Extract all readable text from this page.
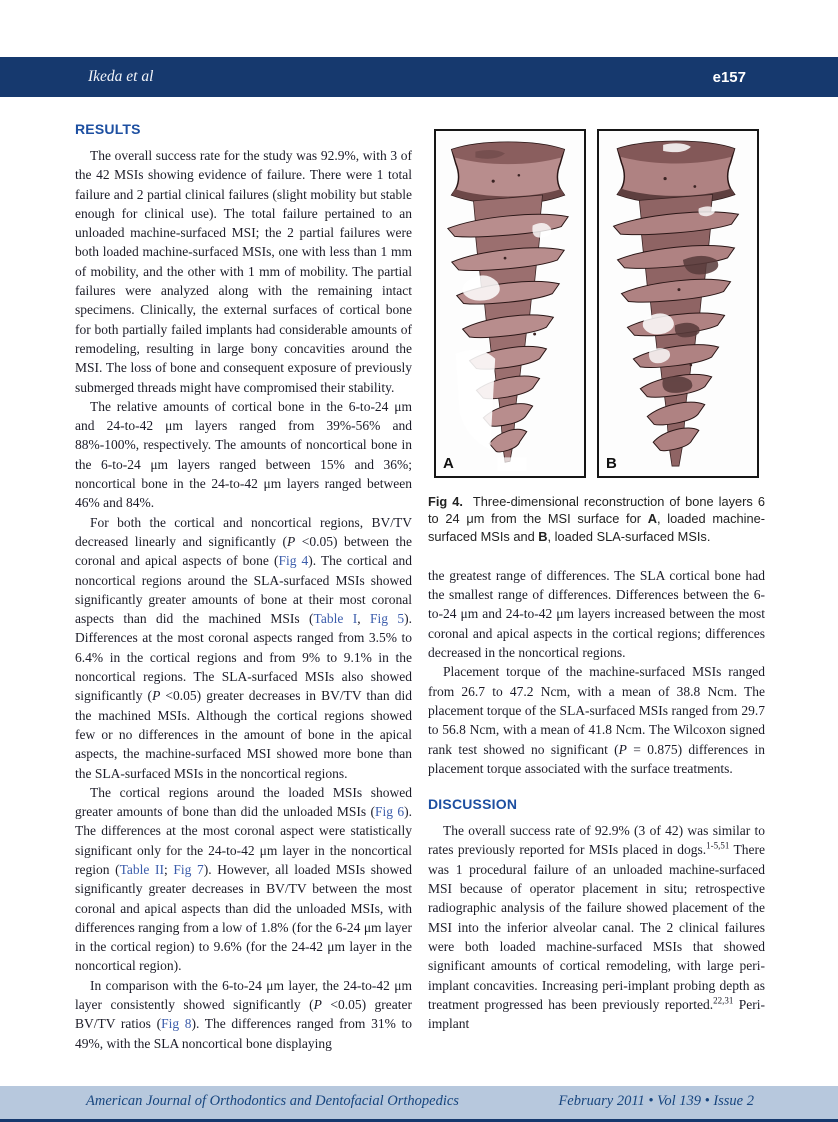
Ikeda et al	e157
RESULTS

The overall success rate for the study was 92.9%, with 3 of the 42 MSIs showing evidence of failure. There were 1 total failure and 2 partial clinical failures (slight mobility but stable enough for clinical use). The total failure pertained to an unloaded machine-surfaced MSI; the 2 partial failures were both loaded machine-surfaced MSIs, one with less than 1 mm of mobility, and the other with 1 mm of mobility. The partial failures were analyzed along with the remaining intact specimens. Clinically, the external surfaces of cortical bone for both partially failed implants had considerable amounts of remodeling, resulting in large bony concavities around the MSI. The loss of bone and consequent exposure of previously submerged threads might have compromised their stability.

The relative amounts of cortical bone in the 6-to-24 μm and 24-to-42 μm layers ranged from 39%-56% and 88%-100%, respectively. The amounts of noncortical bone in the 6-to-24 μm layers ranged between 15% and 36%; noncortical bone in the 24-to-42 μm layers ranged between 46% and 84%.

For both the cortical and noncortical regions, BV/TV decreased linearly and significantly (P <0.05) between the coronal and apical aspects of bone (Fig 4). The cortical and noncortical regions around the SLA-surfaced MSIs showed significantly greater amounts of bone at their most coronal aspects than did the machined MSIs (Table I, Fig 5). Differences at the most coronal aspects ranged from 3.5% to 6.4% in the cortical regions and from 9% to 9.1% in the noncortical regions. The SLA-surfaced MSIs also showed significantly (P <0.05) greater decreases in BV/TV than did the machined MSIs. Although the cortical regions showed few or no differences in the amount of bone in the apical aspects, the machine-surfaced MSI showed more bone than the SLA-surfaced MSIs in the noncortical regions.

The cortical regions around the loaded MSIs showed greater amounts of bone than did the unloaded MSIs (Fig 6). The differences at the most coronal aspect were statistically significant only for the 24-to-42 μm layer in the noncortical region (Table II; Fig 7). However, all loaded MSIs showed significantly greater decreases in BV/TV between the most coronal and apical aspects than did the unloaded MSIs, with differences ranging from a low of 1.8% (for the 6-24 μm layer in the cortical region) to 9.6% (for the 24-42 μm layer in the noncortical region).

In comparison with the 6-to-24 μm layer, the 24-to-42 μm layer consistently showed significantly (P <0.05) greater BV/TV ratios (Fig 8). The differences ranged from 31% to 49%, with the SLA noncortical bone displaying

A	B

Fig 4.  Three-dimensional reconstruction of bone layers 6 to 24 μm from the MSI surface for A, loaded machine-surfaced MSIs and B, loaded SLA-surfaced MSIs.

the greatest range of differences. The SLA cortical bone had the smallest range of differences. Differences between the 6-to-24 μm and 24-to-42 μm layers increased between the most coronal and apical aspects in the cortical regions; differences decreased in the noncortical regions.

Placement torque of the machine-surfaced MSIs ranged from 26.7 to 47.2 Ncm, with a mean of 38.8 Ncm. The placement torque of the SLA-surfaced MSIs ranged from 29.7 to 56.8 Ncm, with a mean of 41.8 Ncm. The Wilcoxon signed rank test showed no significant (P = 0.875) differences in placement torque associated with the surface treatments.

DISCUSSION

The overall success rate of 92.9% (3 of 42) was similar to rates previously reported for MSIs placed in dogs.$^{1-5,51}$ There was 1 procedural failure of an unloaded machine-surfaced MSI because of operator placement in situ; retrospective radiographic analysis of the failure showed placement of the MSI into the inferior alveolar canal. The 2 clinical failures were both loaded machine-surfaced MSIs that showed significant amounts of cortical remodeling, with large peri-implant concavities. Increasing peri-implant probing depth as treatment progressed has been previously reported.$^{22,31}$ Peri-implant

American Journal of Orthodontics and Dentofacial Orthopedics	February 2011 • Vol 139 • Issue 2
